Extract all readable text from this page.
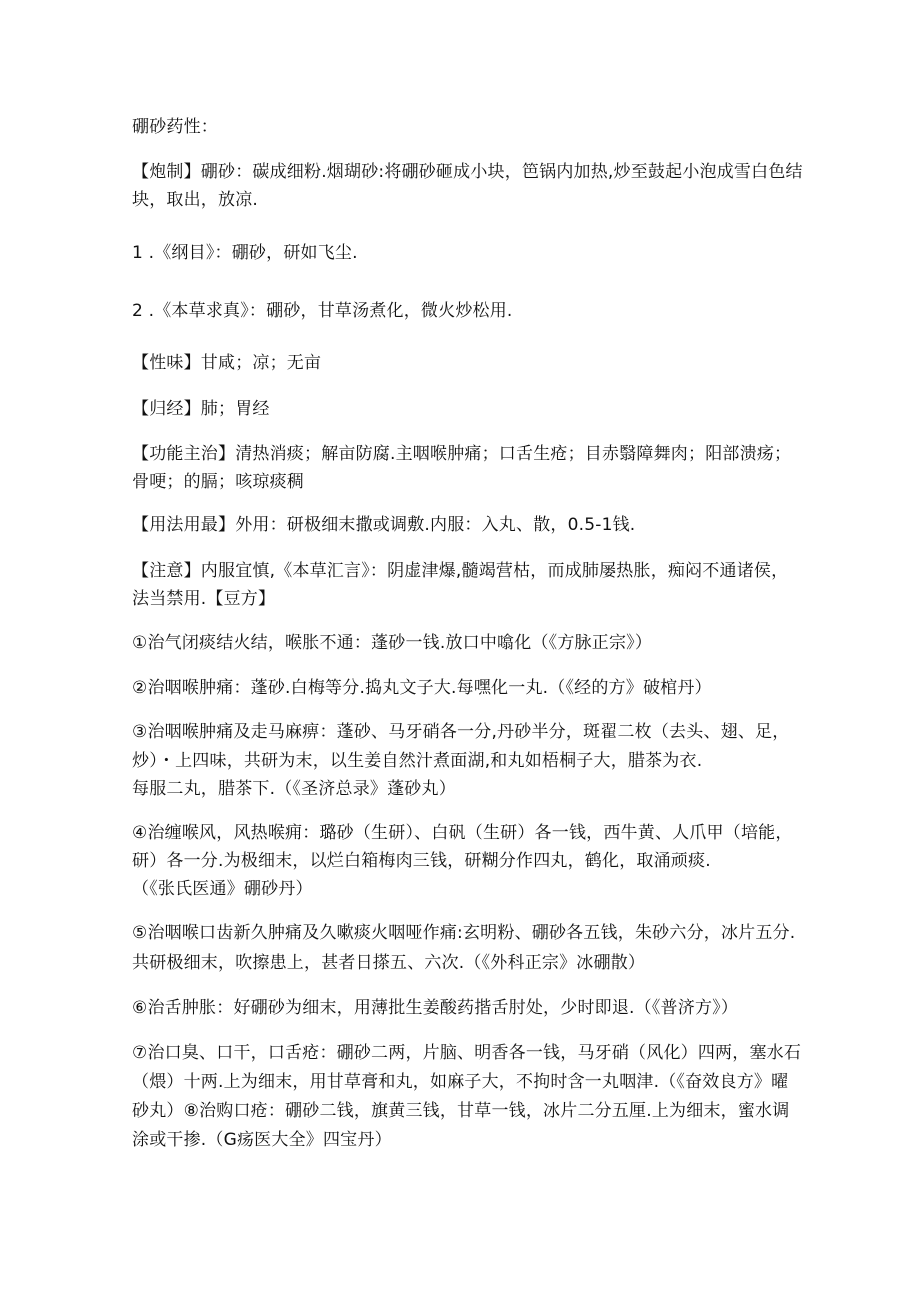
硼砂药性：
【炮制】硼砂：碳成细粉.烟瑚砂:将硼砂砸成小块，笆锅内加热,炒至鼓起小泡成雪白色结
块，取出，放凉.
1 .《纲目》：硼砂，研如飞尘.
2 .《本草求真》：硼砂，甘草汤煮化，微火炒松用.
【性味】甘咸；凉；无亩
【归经】肺；胃经
【功能主治】清热消痰；解亩防腐.主咽喉肿痛；口舌生疮；目赤翳障舞肉；阳部溃疡；
骨哽；的膈；咳琼痰稠
【用法用最】外用：研极细末撒或调敷.内服：入丸、散，0.5-1钱.
【注意】内服宜慎,《本草汇言》：阴虚津爆,髓竭营枯，而成肺屡热胀，痴闷不通诸侯，
法当禁用.【豆方】
①治气闭痰结火结，喉胀不通：蓬砂一钱.放口中噏化（《方脉正宗》）
②治咽喉肿痛：蓬砂.白梅等分.捣丸文子大.每嘿化一丸.（《经的方》破棺丹）
③治咽喉肿痛及走马麻痹：蓬砂、马牙硝各一分,丹砂半分，斑翟二枚（去头、翅、足，
炒）・上四味，共研为末，以生姜自然汁煮面湖,和丸如梧桐子大，腊茶为衣.
每服二丸，腊茶下.（《圣济总录》蓬砂丸）
④治缠喉风，风热喉痈：璐砂（生研）、白矾（生研）各一钱，西牛黄、人爪甲（培能，
研）各一分.为极细末，以烂白箱梅肉三钱，研糊分作四丸，鹤化，取涌顽痰.
（《张氏医通》硼砂丹）
⑤治咽喉口齿新久肿痛及久嗽痰火咽哑作痛:玄明粉、硼砂各五钱，朱砂六分，冰片五分.
共研极细末，吹擦患上，甚者日搽五、六次.（《外科正宗》冰硼散）
⑥治舌肿胀：好硼砂为细末，用薄批生姜酸药揩舌肘处，少时即退.（《普济方》）
⑦治口臭、口干，口舌疮：硼砂二两，片脑、明香各一钱，马牙硝（风化）四两，塞水石
（煨）十两.上为细末，用甘草膏和丸，如麻子大，不拘时含一丸咽津.（《奋效良方》曜
砂丸）⑧治购口疮：硼砂二钱，旗黄三钱，甘草一钱，冰片二分五厘.上为细末，蜜水调
涂或干掺.（G疡医大全》四宝丹）
